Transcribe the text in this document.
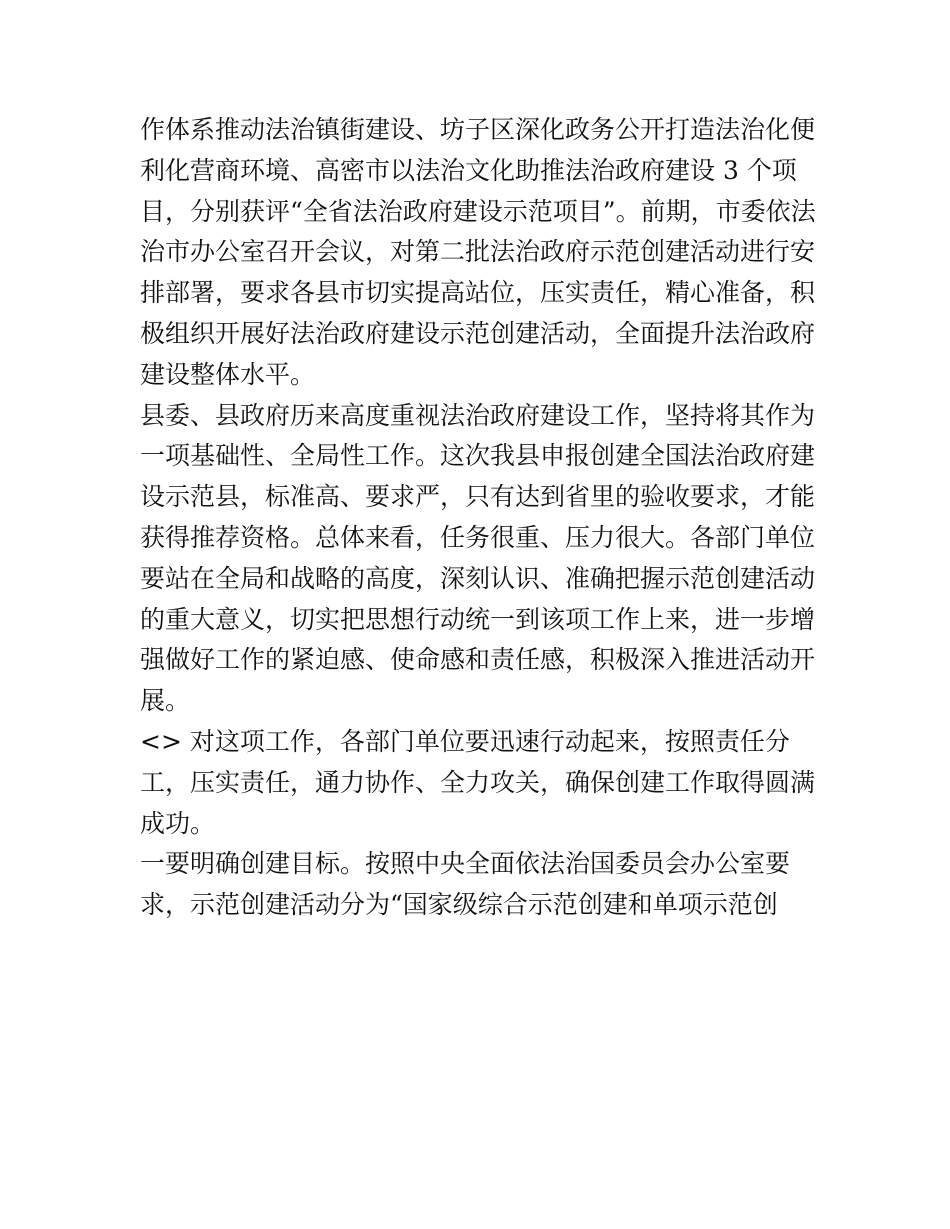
作体系推动法治镇街建设、坊子区深化政务公开打造法治化便
利化营商环境、高密市以法治文化助推法治政府建设 3 个项
目，分别获评“全省法治政府建设示范项目”。前期，市委依法
治市办公室召开会议，对第二批法治政府示范创建活动进行安
排部署，要求各县市切实提高站位，压实责任，精心准备，积
极组织开展好法治政府建设示范创建活动，全面提升法治政府
建设整体水平。
县委、县政府历来高度重视法治政府建设工作，坚持将其作为
一项基础性、全局性工作。这次我县申报创建全国法治政府建
设示范县，标准高、要求严，只有达到省里的验收要求，才能
获得推荐资格。总体来看，任务很重、压力很大。各部门单位
要站在全局和战略的高度，深刻认识、准确把握示范创建活动
的重大意义，切实把思想行动统一到该项工作上来，进一步增
强做好工作的紧迫感、使命感和责任感，积极深入推进活动开
展。
<> 对这项工作，各部门单位要迅速行动起来，按照责任分
工，压实责任，通力协作、全力攻关，确保创建工作取得圆满
成功。
一要明确创建目标。按照中央全面依法治国委员会办公室要
求，示范创建活动分为“国家级综合示范创建和单项示范创
